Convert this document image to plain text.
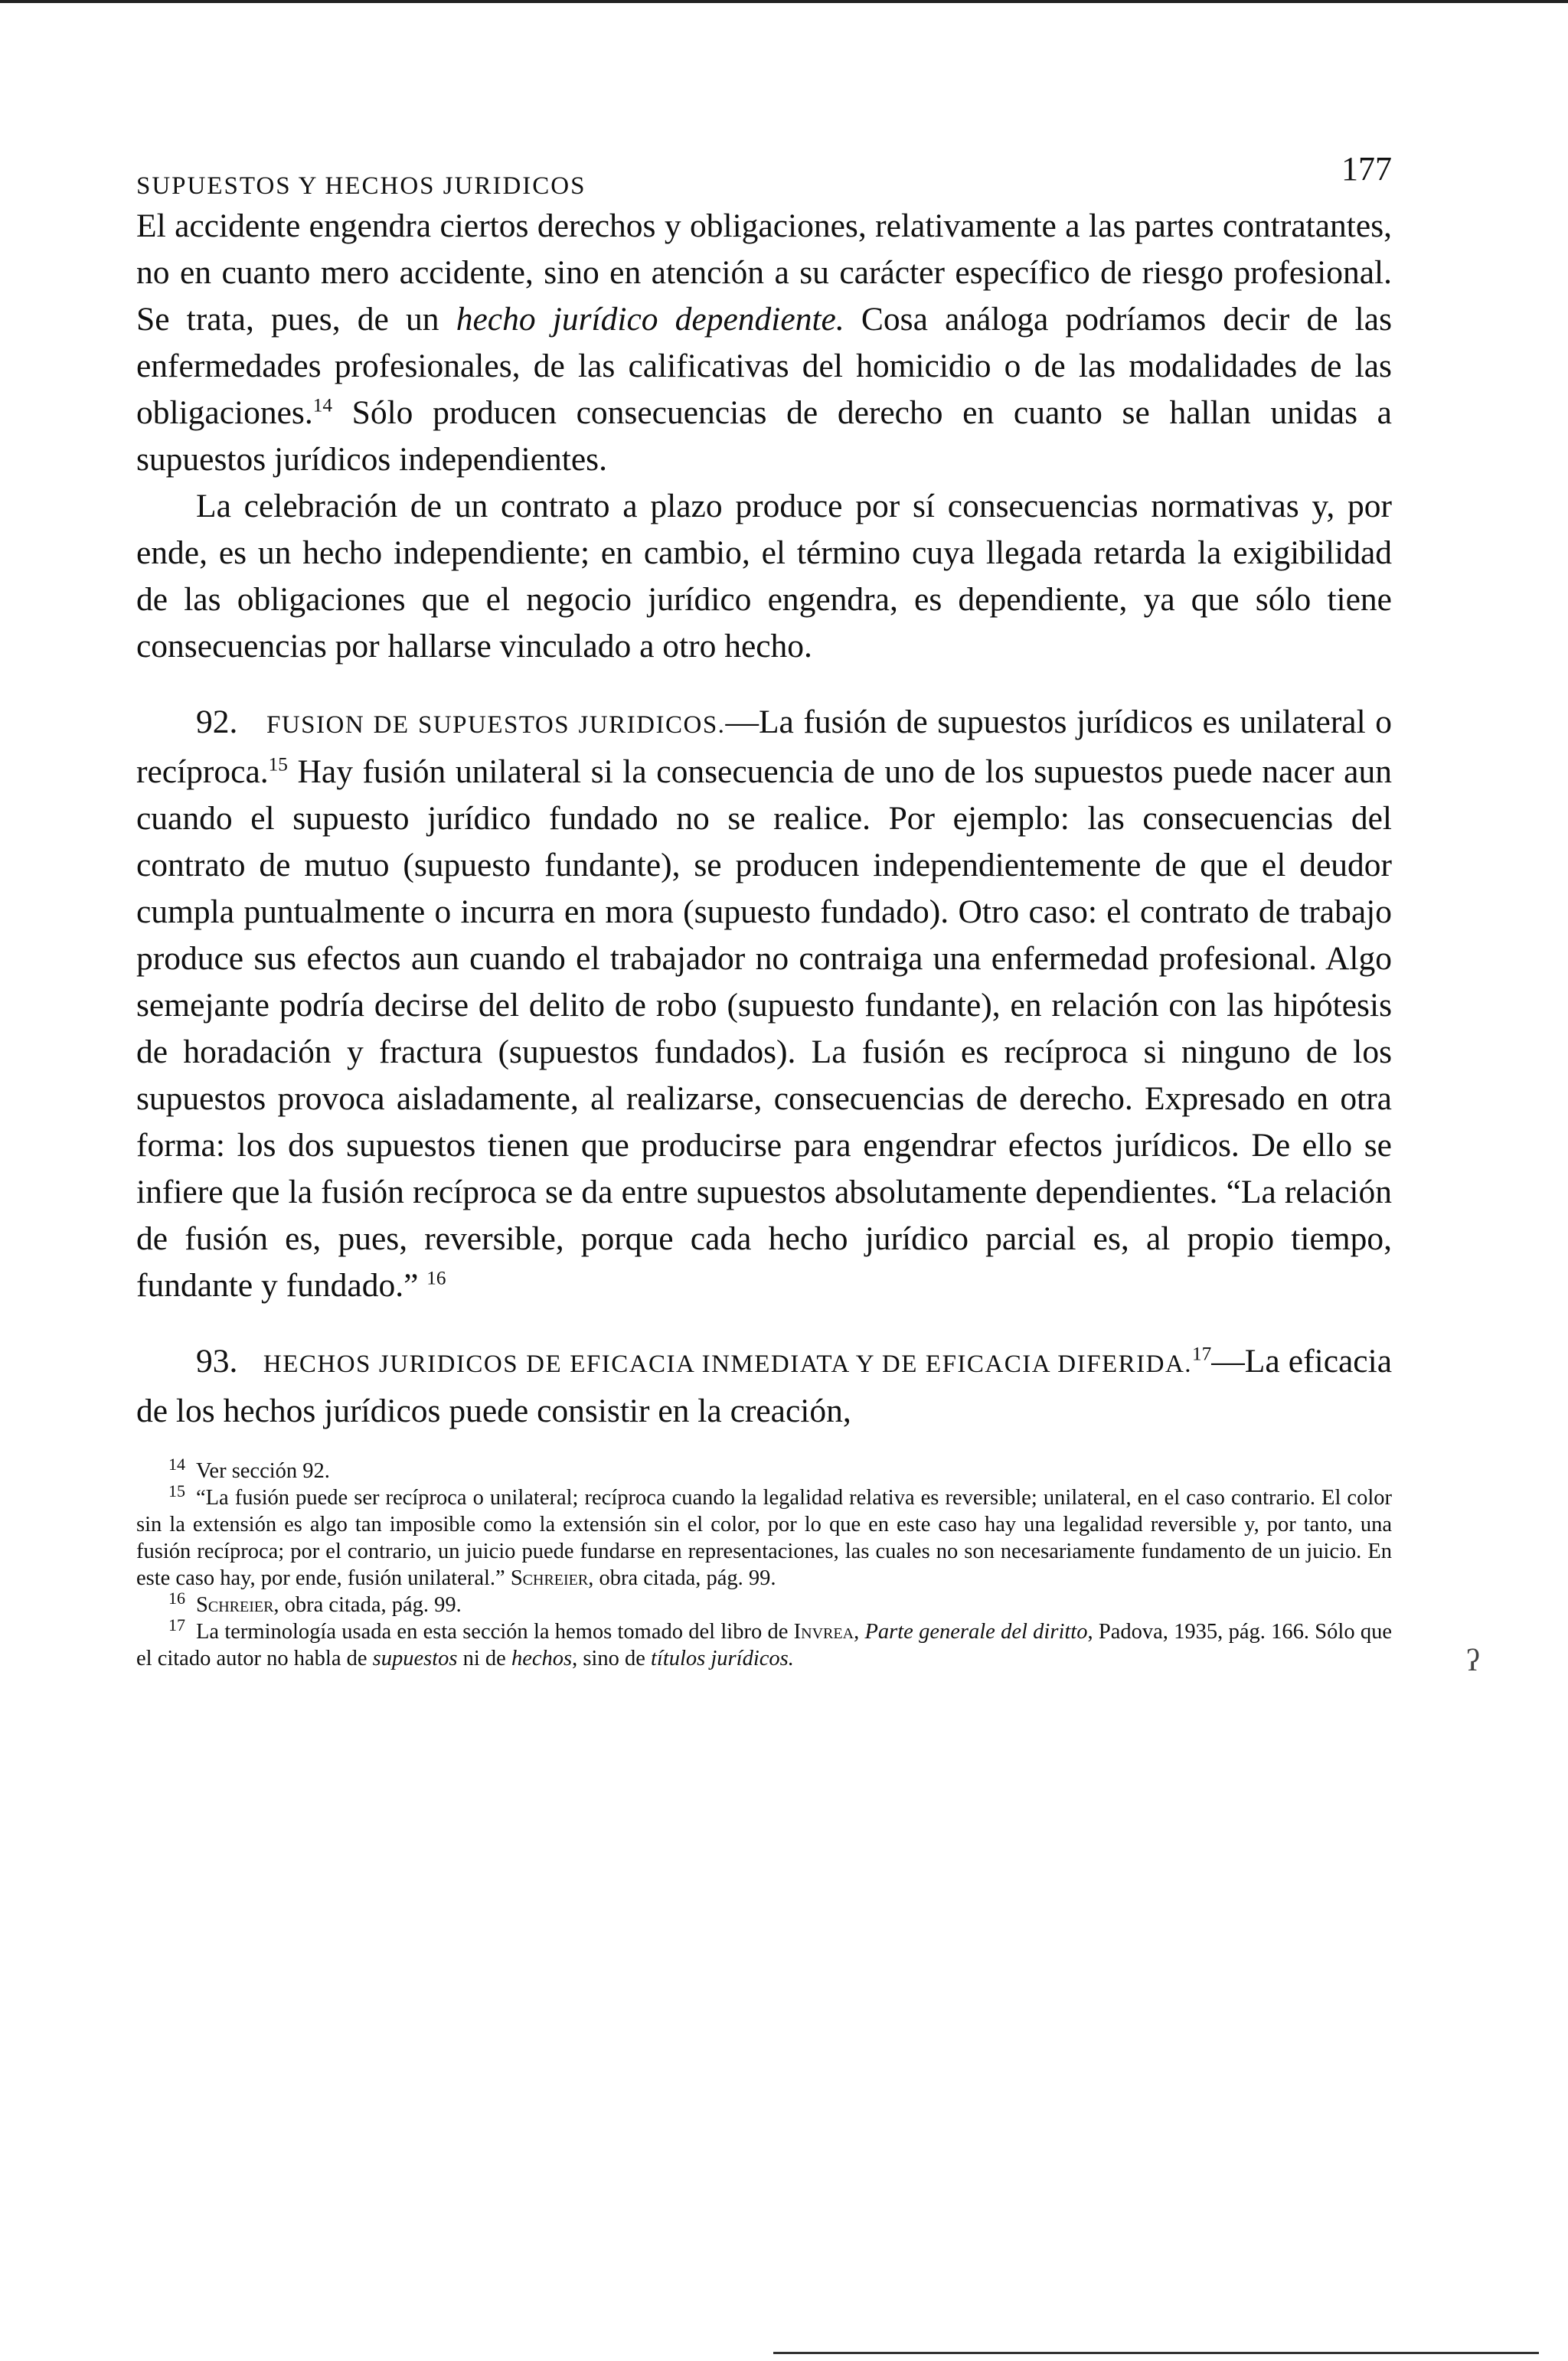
SUPUESTOS Y HECHOS JURIDICOS	177

El accidente engendra ciertos derechos y obligaciones, relativamente a las partes contratantes, no en cuanto mero accidente, sino en atención a su carácter específico de riesgo profesional. Se trata, pues, de un hecho jurídico dependiente. Cosa análoga podríamos decir de las enfermedades profesionales, de las calificativas del homicidio o de las modalidades de las obligaciones.$^{14}$ Sólo producen consecuencias de derecho en cuanto se hallan unidas a supuestos jurídicos independientes.

La celebración de un contrato a plazo produce por sí consecuencias normativas y, por ende, es un hecho independiente; en cambio, el término cuya llegada retarda la exigibilidad de las obligaciones que el negocio jurídico engendra, es dependiente, ya que sólo tiene consecuencias por hallarse vinculado a otro hecho.

92. FUSION DE SUPUESTOS JURIDICOS.—La fusión de supuestos jurídicos es unilateral o recíproca.$^{15}$ Hay fusión unilateral si la consecuencia de uno de los supuestos puede nacer aun cuando el supuesto jurídico fundado no se realice. Por ejemplo: las consecuencias del contrato de mutuo (supuesto fundante), se producen independientemente de que el deudor cumpla puntualmente o incurra en mora (supuesto fundado). Otro caso: el contrato de trabajo produce sus efectos aun cuando el trabajador no contraiga una enfermedad profesional. Algo semejante podría decirse del delito de robo (supuesto fundante), en relación con las hipótesis de horadación y fractura (supuestos fundados). La fusión es recíproca si ninguno de los supuestos provoca aisladamente, al realizarse, consecuencias de derecho. Expresado en otra forma: los dos supuestos tienen que producirse para engendrar efectos jurídicos. De ello se infiere que la fusión recíproca se da entre supuestos absolutamente dependientes. “La relación de fusión es, pues, reversible, porque cada hecho jurídico parcial es, al propio tiempo, fundante y fundado.” $^{16}$

93. HECHOS JURIDICOS DE EFICACIA INMEDIATA Y DE EFICACIA DIFERIDA.$^{17}$—La eficacia de los hechos jurídicos puede consistir en la creación,

$^{14}$ Ver sección 92.

$^{15}$ “La fusión puede ser recíproca o unilateral; recíproca cuando la legalidad relativa es reversible; unilateral, en el caso contrario. El color sin la extensión es algo tan imposible como la extensión sin el color, por lo que en este caso hay una legalidad reversible y, por tanto, una fusión recíproca; por el contrario, un juicio puede fundarse en representaciones, las cuales no son necesariamente fundamento de un juicio. En este caso hay, por ende, fusión unilateral.” Schreier, obra citada, pág. 99.

$^{16}$ Schreier, obra citada, pág. 99.

$^{17}$ La terminología usada en esta sección la hemos tomado del libro de Invrea, Parte generale del diritto, Padova, 1935, pág. 166. Sólo que el citado autor no habla de supuestos ni de hechos, sino de títulos jurídicos.	ʔ
